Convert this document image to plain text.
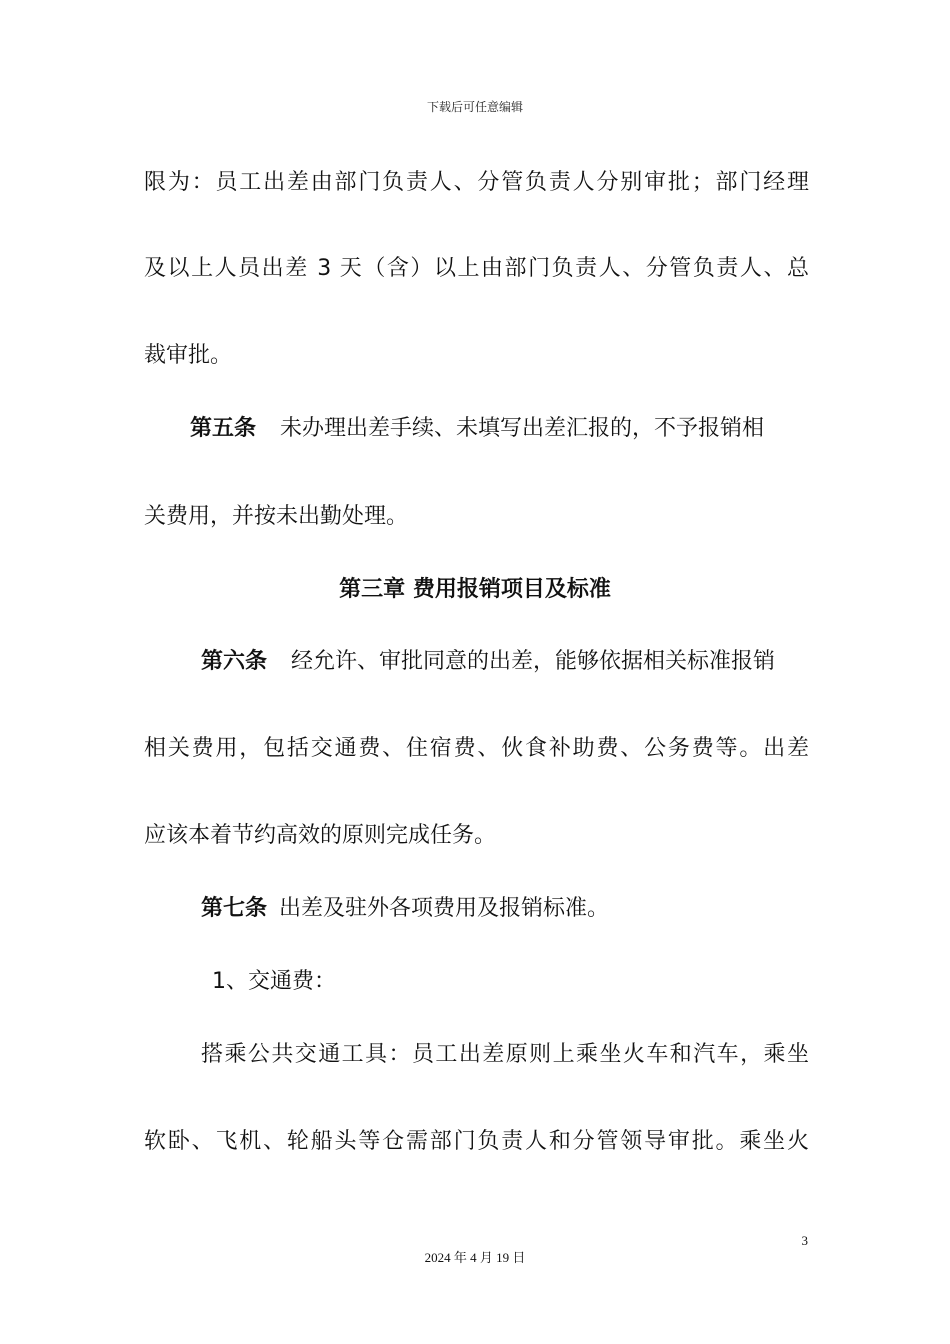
下载后可任意编辑
限为：员工出差由部门负责人、分管负责人分别审批；部门经理
及以上人员出差 3 天（含）以上由部门负责人、分管负责人、总
裁审批。
第五条 未办理出差手续、未填写出差汇报的，不予报销相
关费用，并按未出勤处理。
第三章 费用报销项目及标准
第六条 经允许、审批同意的出差，能够依据相关标准报销
相关费用，包括交通费、住宿费、伙食补助费、公务费等。出差
应该本着节约高效的原则完成任务。
第七条 出差及驻外各项费用及报销标准。
1、交通费：
搭乘公共交通工具：员工出差原则上乘坐火车和汽车，乘坐
软卧、飞机、轮船头等仓需部门负责人和分管领导审批。乘坐火
3
2024 年 4 月 19 日
